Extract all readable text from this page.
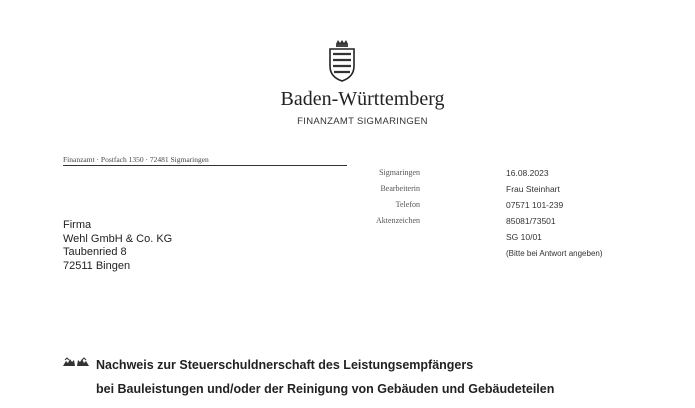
Baden-Württemberg
FINANZAMT SIGMARINGEN
Finanzamt · Postfach 1350 · 72481 Sigmaringen
Sigmaringen	16.08.2023
Bearbeiterin	Frau Steinhart
Telefon	07571 101-239
Aktenzeichen	85081/73501
SG 10/01
(Bitte bei Antwort angeben)
Firma
Wehl GmbH & Co. KG
Taubenried 8
72511 Bingen
Nachweis zur Steuerschuldnerschaft des Leistungsempfängers
bei Bauleistungen und/oder der Reinigung von Gebäuden und Gebäudeteilen
